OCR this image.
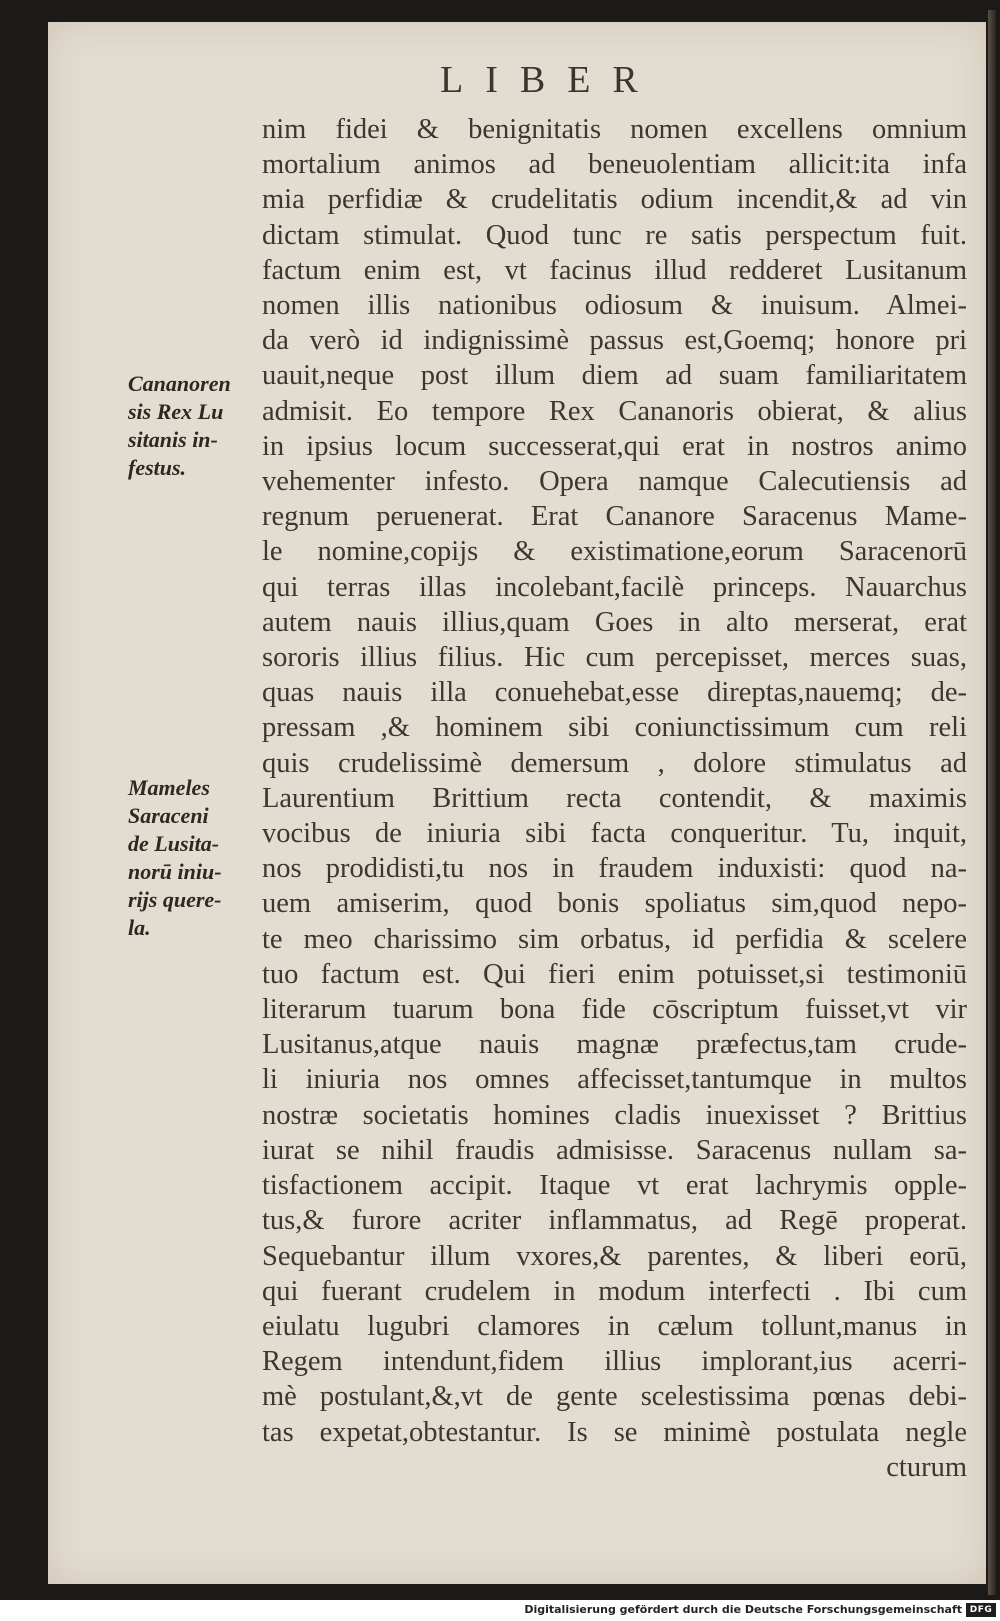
LIBER
nim fidei & benignitatis nomen excellens omnium
mortalium animos ad beneuolentiam allicit:ita infa
mia perfidiæ & crudelitatis odium incendit,& ad vin
dictam stimulat. Quod tunc re satis perspectum fuit.
factum enim est, vt facinus illud redderet Lusitanum
nomen illis nationibus odiosum & inuisum. Almei-
da verò id indignissimè passus est,Goemq; honore pri
uauit,neque post illum diem ad suam familiaritatem
admisit. Eo tempore Rex Cananoris obierat, & alius
in ipsius locum successerat,qui erat in nostros animo
vehementer infesto. Opera namque Calecutiensis ad
regnum peruenerat. Erat Cananore Saracenus Mame-
le nomine,copijs & existimatione,eorum Saracenorū
qui terras illas incolebant,facilè princeps. Nauarchus
autem nauis illius,quam Goes in alto merserat, erat
sororis illius filius. Hic cum percepisset, merces suas,
quas nauis illa conuehebat,esse direptas,nauemq; de-
pressam ,& hominem sibi coniunctissimum cum reli
quis crudelissimè demersum , dolore stimulatus ad
Laurentium Brittium recta contendit, & maximis
vocibus de iniuria sibi facta conqueritur. Tu, inquit,
nos prodidisti,tu nos in fraudem induxisti: quod na-
uem amiserim, quod bonis spoliatus sim,quod nepo-
te meo charissimo sim orbatus, id perfidia & scelere
tuo factum est. Qui fieri enim potuisset,si testimoniū
literarum tuarum bona fide cōscriptum fuisset,vt vir
Lusitanus,atque nauis magnæ præfectus,tam crude-
li iniuria nos omnes affecisset,tantumque in multos
nostræ societatis homines cladis inuexisset ? Brittius
iurat se nihil fraudis admisisse. Saracenus nullam sa-
tisfactionem accipit. Itaque vt erat lachrymis opple-
tus,& furore acriter inflammatus, ad Regē properat.
Sequebantur illum vxores,& parentes, & liberi eorū,
qui fuerant crudelem in modum interfecti . Ibi cum
eiulatu lugubri clamores in cælum tollunt,manus in
Regem intendunt,fidem illius implorant,ius acerri-
mè postulant,&,vt de gente scelestissima pœnas debi-
tas expetat,obtestantur. Is se minimè postulata negle
cturum
Cananoren
sis Rex Lu
sitanis in-
festus.
Mameles
Saraceni
de Lusita-
norū iniu-
rijs quere-
la.
Digitalisierung gefördert durch die Deutsche Forschungsgemeinschaft DFG
